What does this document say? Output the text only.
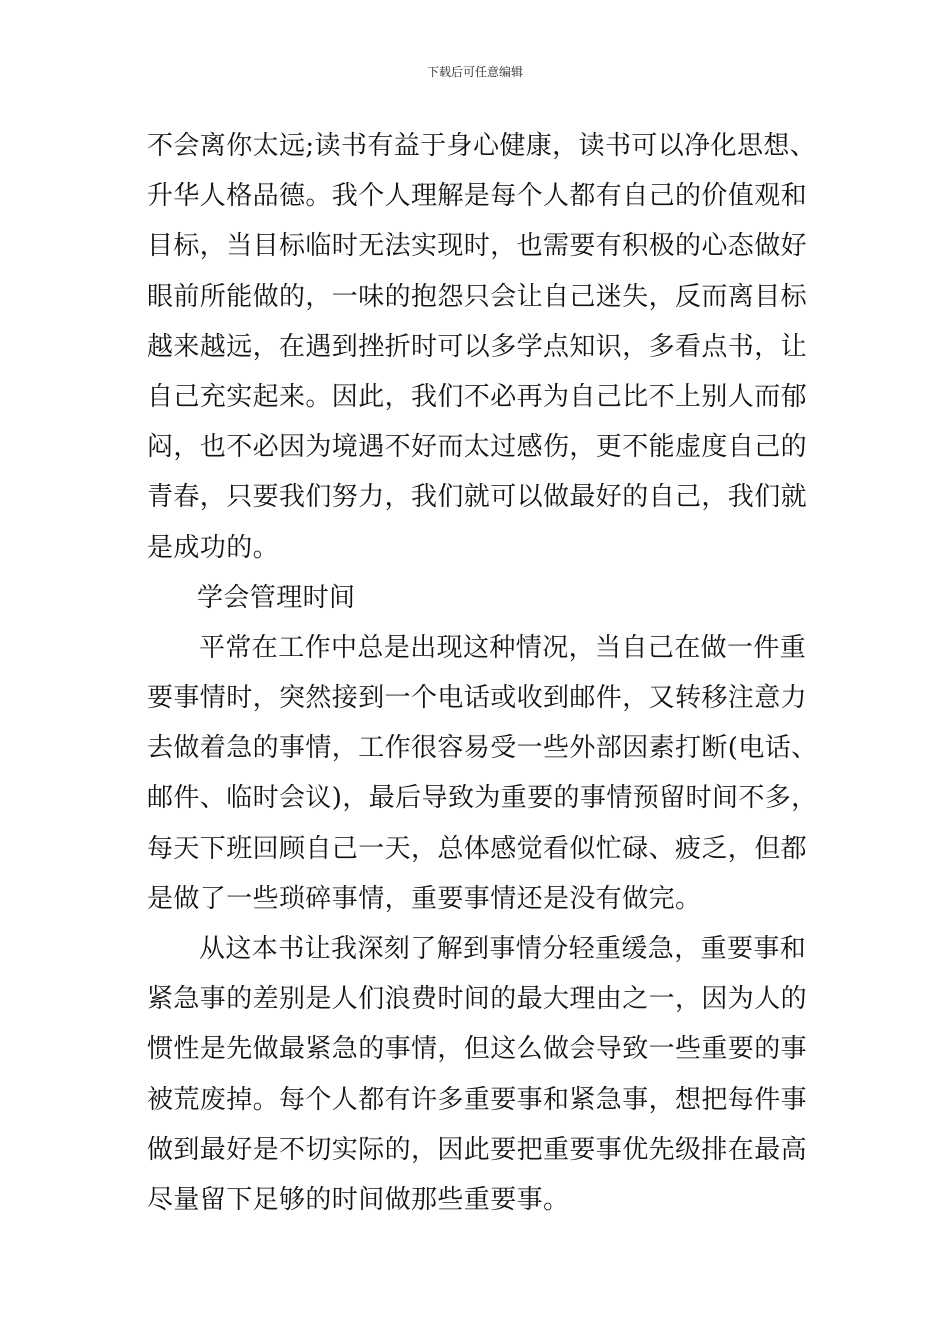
下载后可任意编辑
不会离你太远;读书有益于身心健康，读书可以净化思想、
升华人格品德。我个人理解是每个人都有自己的价值观和
目标，当目标临时无法实现时，也需要有积极的心态做好
眼前所能做的，一味的抱怨只会让自己迷失，反而离目标
越来越远，在遇到挫折时可以多学点知识，多看点书，让
自己充实起来。因此，我们不必再为自己比不上别人而郁
闷，也不必因为境遇不好而太过感伤，更不能虚度自己的
青春，只要我们努力，我们就可以做最好的自己，我们就
是成功的。
学会管理时间
平常在工作中总是出现这种情况，当自己在做一件重
要事情时，突然接到一个电话或收到邮件，又转移注意力
去做着急的事情，工作很容易受一些外部因素打断(电话、
邮件、临时会议)，最后导致为重要的事情预留时间不多，
每天下班回顾自己一天，总体感觉看似忙碌、疲乏，但都
是做了一些琐碎事情，重要事情还是没有做完。
从这本书让我深刻了解到事情分轻重缓急，重要事和
紧急事的差别是人们浪费时间的最大理由之一，因为人的
惯性是先做最紧急的事情，但这么做会导致一些重要的事
被荒废掉。每个人都有许多重要事和紧急事，想把每件事
做到最好是不切实际的，因此要把重要事优先级排在最高
尽量留下足够的时间做那些重要事。
